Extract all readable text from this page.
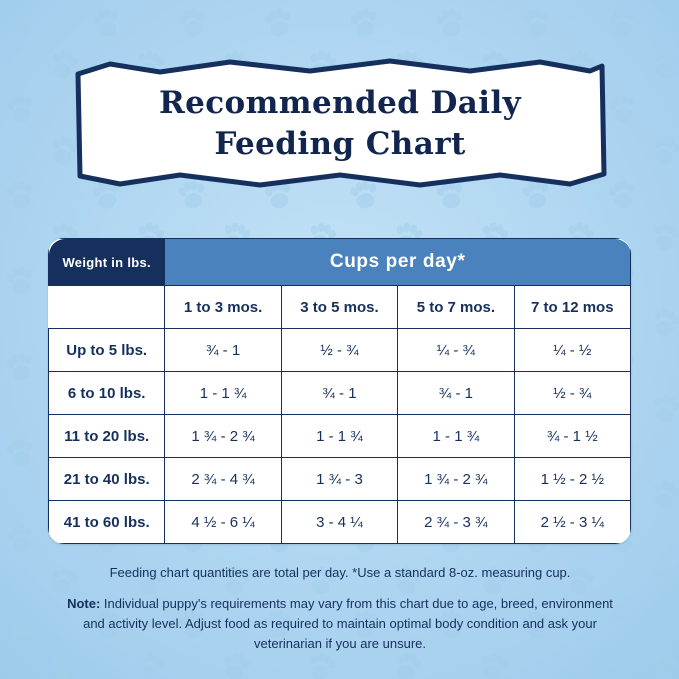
Recommended Daily
Feeding Chart
Weight in lbs.	Cups per day*			
	1 to 3 mos.	3 to 5 mos.	5 to 7 mos.	7 to 12 mos
Up to 5 lbs.	¾ - 1	½ - ¾	¼ - ¾	¼ - ½
6 to 10 lbs.	1 - 1 ¾	¾ - 1	¾ - 1	½ - ¾
11 to 20 lbs.	1 ¾ - 2 ¾	1 - 1 ¾	1 - 1 ¾	¾ - 1 ½
21 to 40 lbs.	2 ¾ - 4 ¾	1 ¾ - 3	1 ¾ - 2 ¾	1 ½ - 2 ½
41 to 60 lbs.	4 ½ - 6 ¼	3 - 4 ¼	2 ¾ - 3 ¾	2 ½ - 3 ¼
Feeding chart quantities are total per day. *Use a standard 8-oz. measuring cup.
Note: Individual puppy's requirements may vary from this chart due to age, breed, environment and activity level. Adjust food as required to maintain optimal body condition and ask your veterinarian if you are unsure.
